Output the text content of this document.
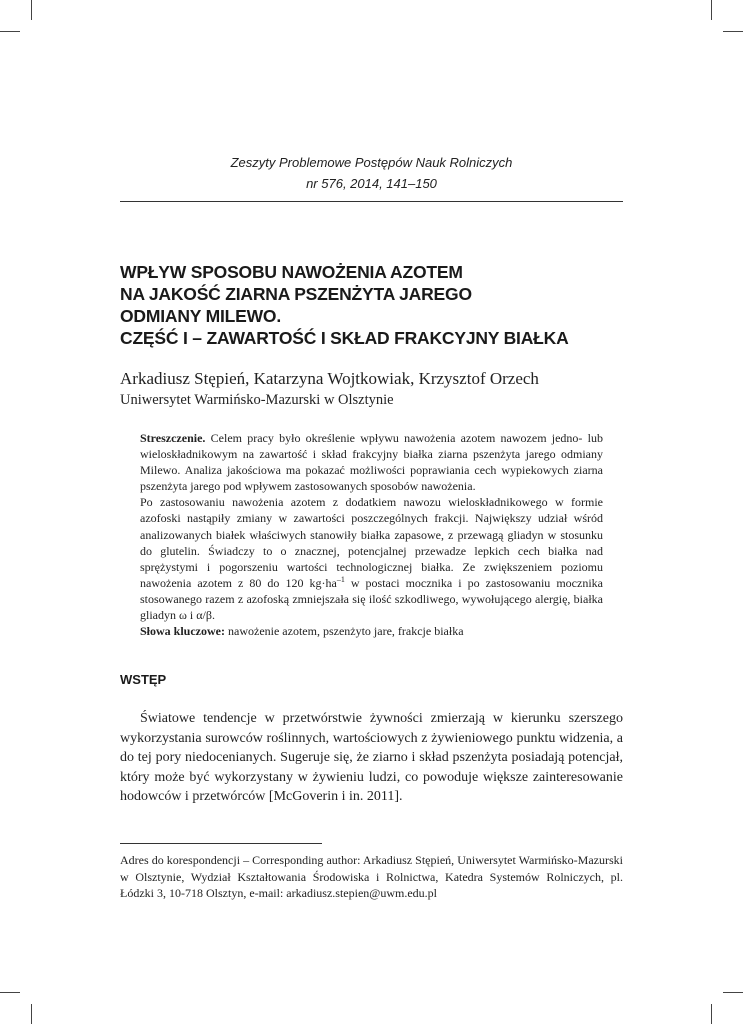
Zeszyty Problemowe Postępów Nauk Rolniczych
nr 576, 2014, 141–150
WPŁYW SPOSOBU NAWOŻENIA AZOTEM
NA JAKOŚĆ ZIARNA PSZENŻYTA JAREGO
ODMIANY MILEWO.
CZĘŚĆ I – ZAWARTOŚĆ I SKŁAD FRAKCYJNY BIAŁKA
Arkadiusz Stępień, Katarzyna Wojtkowiak, Krzysztof Orzech
Uniwersytet Warmińsko-Mazurski w Olsztynie

Streszczenie. Celem pracy było określenie wpływu nawożenia azotem nawozem jedno- lub wieloskładnikowym na zawartość i skład frakcyjny białka ziarna pszenżyta jarego odmiany Milewo. Analiza jakościowa ma pokazać możliwości poprawiania cech wypiekowych ziarna pszenżyta jarego pod wpływem zastosowanych sposobów nawożenia.

Po zastosowaniu nawożenia azotem z dodatkiem nawozu wieloskładnikowego w formie azofoski nastąpiły zmiany w zawartości poszczególnych frakcji. Największy udział wśród analizowanych białek właściwych stanowiły białka zapasowe, z przewagą gliadyn w stosunku do glutelin. Świadczy to o znacznej, potencjalnej przewadze lepkich cech białka nad sprężystymi i pogorszeniu wartości technologicznej białka. Ze zwiększeniem poziomu nawożenia azotem z 80 do 120 $kg\cdot ha^{-1}$ w postaci mocznika i po zastosowaniu mocznika stosowanego razem z azofoską zmniejszała się ilość szkodliwego, wywołującego alergię, białka gliadyn ω i α/β.

Słowa kluczowe: nawożenie azotem, pszenżyto jare, frakcje białka
WSTĘP

Światowe tendencje w przetwórstwie żywności zmierzają w kierunku szerszego wykorzystania surowców roślinnych, wartościowych z żywieniowego punktu widzenia, a do tej pory niedocenianych. Sugeruje się, że ziarno i skład pszenżyta posiadają potencjał, który może być wykorzystany w żywieniu ludzi, co powoduje większe zainteresowanie hodowców i przetwórców [McGoverin i in. 2011].

Adres do korespondencji – Corresponding author: Arkadiusz Stępień, Uniwersytet Warmińsko-Mazurski w Olsztynie, Wydział Kształtowania Środowiska i Rolnictwa, Katedra Systemów Rolniczych, pl. Łódzki 3, 10-718 Olsztyn, e-mail: arkadiusz.stepien@uwm.edu.pl
